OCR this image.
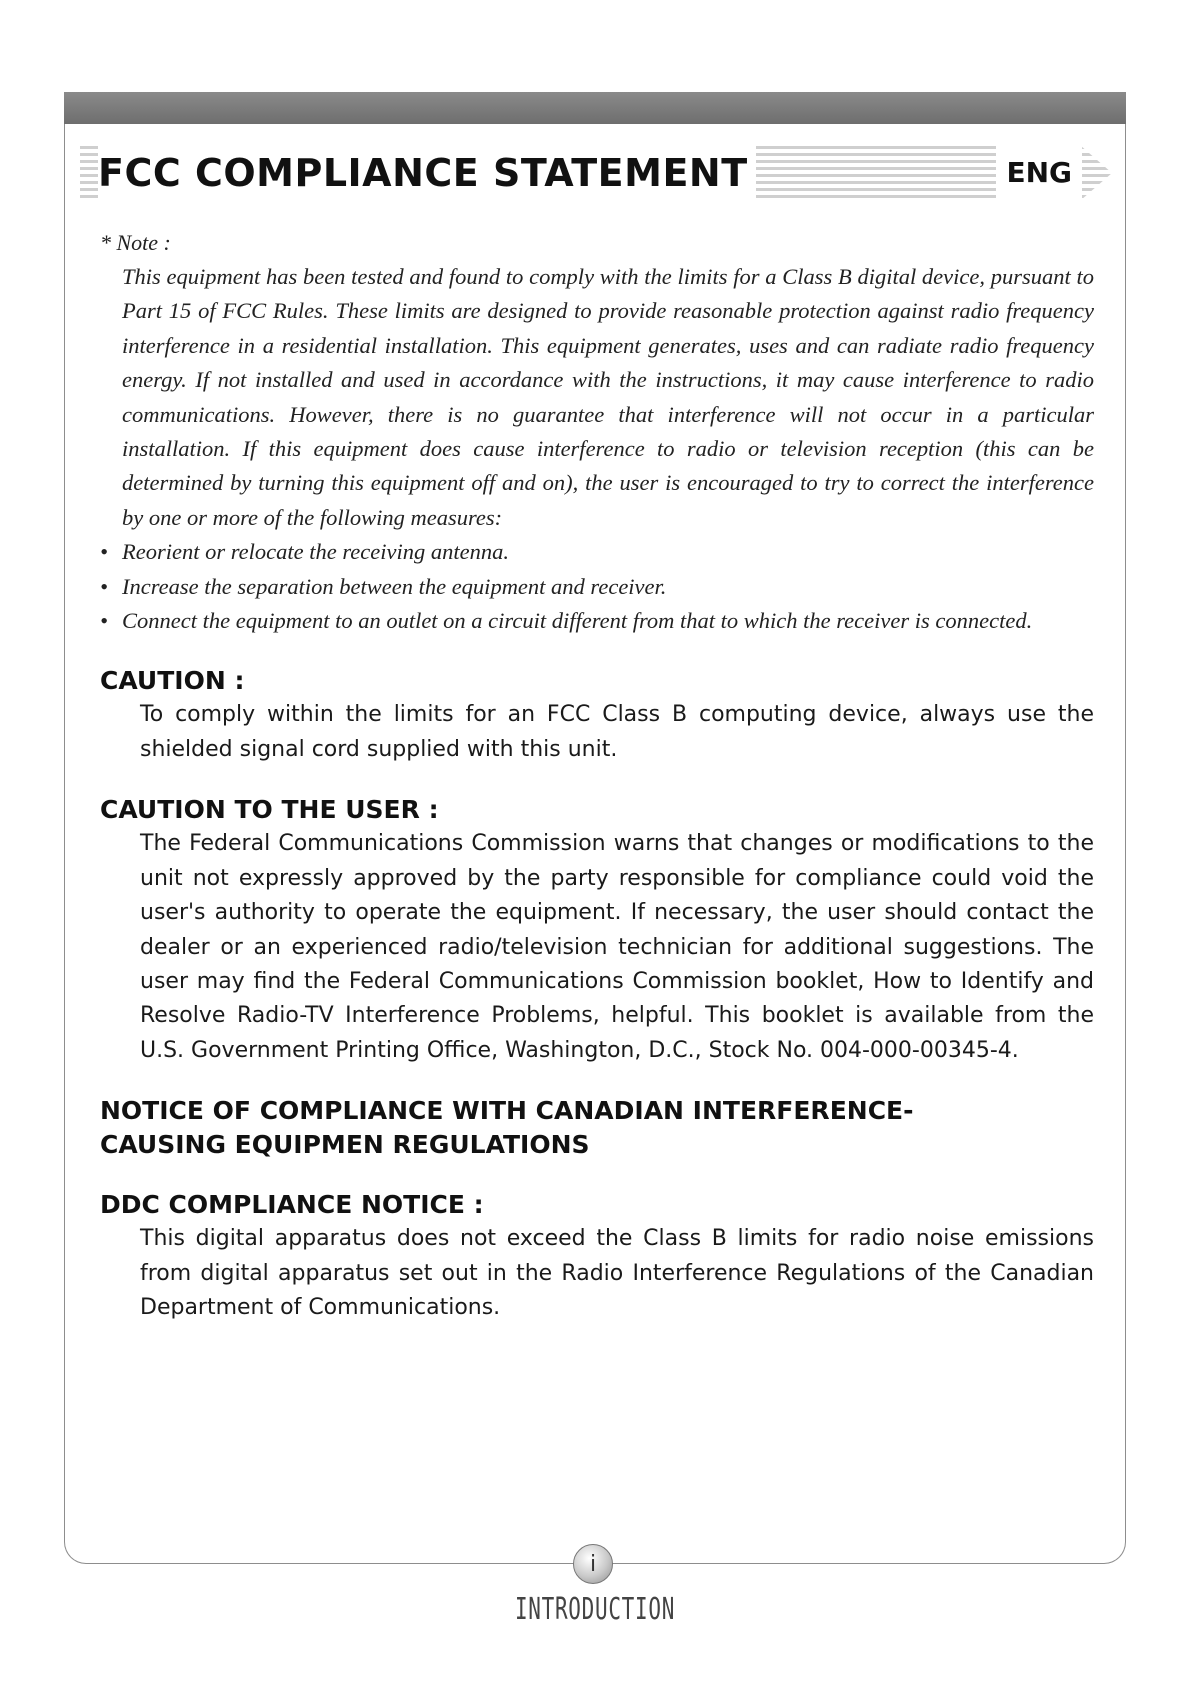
FCC COMPLIANCE STATEMENT	ENG
* Note :

This equipment has been tested and found to comply with the limits for a Class B digital device, pursuant to Part 15 of FCC Rules. These limits are designed to provide reasonable protection against radio frequency interference in a residential installation. This equipment generates, uses and can radiate radio frequency energy. If not installed and used in accordance with the instructions, it may cause interference to radio communications. However, there is no guarantee that interference will not occur in a particular installation. If this equipment does cause interference to radio or television reception (this can be determined by turning this equipment off and on), the user is encouraged to try to correct the interference by one or more of the following measures:

• Reorient or relocate the receiving antenna.
• Increase the separation between the equipment and receiver.
• Connect the equipment to an outlet on a circuit different from that to which the receiver is connected.
CAUTION :

To comply within the limits for an FCC Class B computing device, always use the shielded signal cord supplied with this unit.

CAUTION TO THE USER :

The Federal Communications Commission warns that changes or modifications to the unit not expressly approved by the party responsible for compliance could void the user's authority to operate the equipment. If necessary, the user should contact the dealer or an experienced radio/television technician for additional suggestions. The user may find the Federal Communications Commission booklet, How to Identify and Resolve Radio-TV Interference Problems, helpful. This booklet is available from the U.S. Government Printing Office, Washington, D.C., Stock No. 004-000-00345-4.

NOTICE OF COMPLIANCE WITH CANADIAN INTERFERENCE-
CAUSING EQUIPMEN REGULATIONS
DDC COMPLIANCE NOTICE :

This digital apparatus does not exceed the Class B limits for radio noise emissions from digital apparatus set out in the Radio Interference Regulations of the Canadian Department of Communications.

i
INTRODUCTION
